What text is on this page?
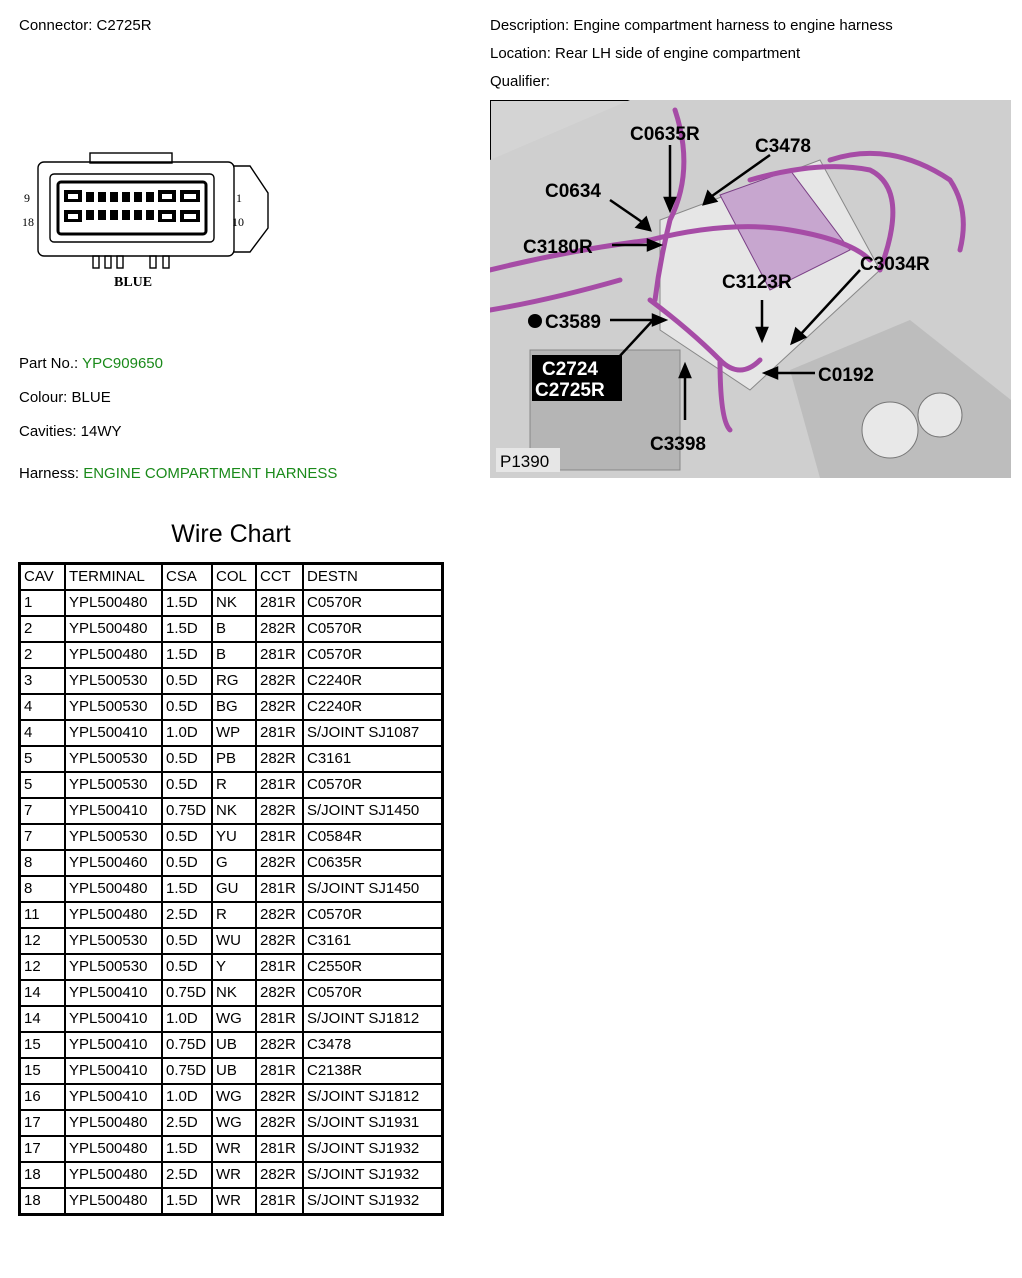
Connector: C2725R	Description: Engine compartment harness to engine harness
Location: Rear LH side of engine compartment
Qualifier:
9
18
1
10
BLUE
Part No.: YPC909650
Colour: BLUE
Cavities: 14WY
Harness: ENGINE COMPARTMENT HARNESS
C0635R
C3478
C0634
C3180R
C3123R
C3034R
C3589
C2724
C2725R
C0192
C3398
P1390
Wire Chart
CAV	TERMINAL	CSA	COL	CCT	DESTN
1	YPL500480	1.5D	NK	281R	C0570R
2	YPL500480	1.5D	B	282R	C0570R
2	YPL500480	1.5D	B	281R	C0570R
3	YPL500530	0.5D	RG	282R	C2240R
4	YPL500530	0.5D	BG	282R	C2240R
4	YPL500410	1.0D	WP	281R	S/JOINT SJ1087
5	YPL500530	0.5D	PB	282R	C3161
5	YPL500530	0.5D	R	281R	C0570R
7	YPL500410	0.75D	NK	282R	S/JOINT SJ1450
7	YPL500530	0.5D	YU	281R	C0584R
8	YPL500460	0.5D	G	282R	C0635R
8	YPL500480	1.5D	GU	281R	S/JOINT SJ1450
11	YPL500480	2.5D	R	282R	C0570R
12	YPL500530	0.5D	WU	282R	C3161
12	YPL500530	0.5D	Y	281R	C2550R
14	YPL500410	0.75D	NK	282R	C0570R
14	YPL500410	1.0D	WG	281R	S/JOINT SJ1812
15	YPL500410	0.75D	UB	282R	C3478
15	YPL500410	0.75D	UB	281R	C2138R
16	YPL500410	1.0D	WG	282R	S/JOINT SJ1812
17	YPL500480	2.5D	WG	282R	S/JOINT SJ1931
17	YPL500480	1.5D	WR	281R	S/JOINT SJ1932
18	YPL500480	2.5D	WR	282R	S/JOINT SJ1932
18	YPL500480	1.5D	WR	281R	S/JOINT SJ1932
